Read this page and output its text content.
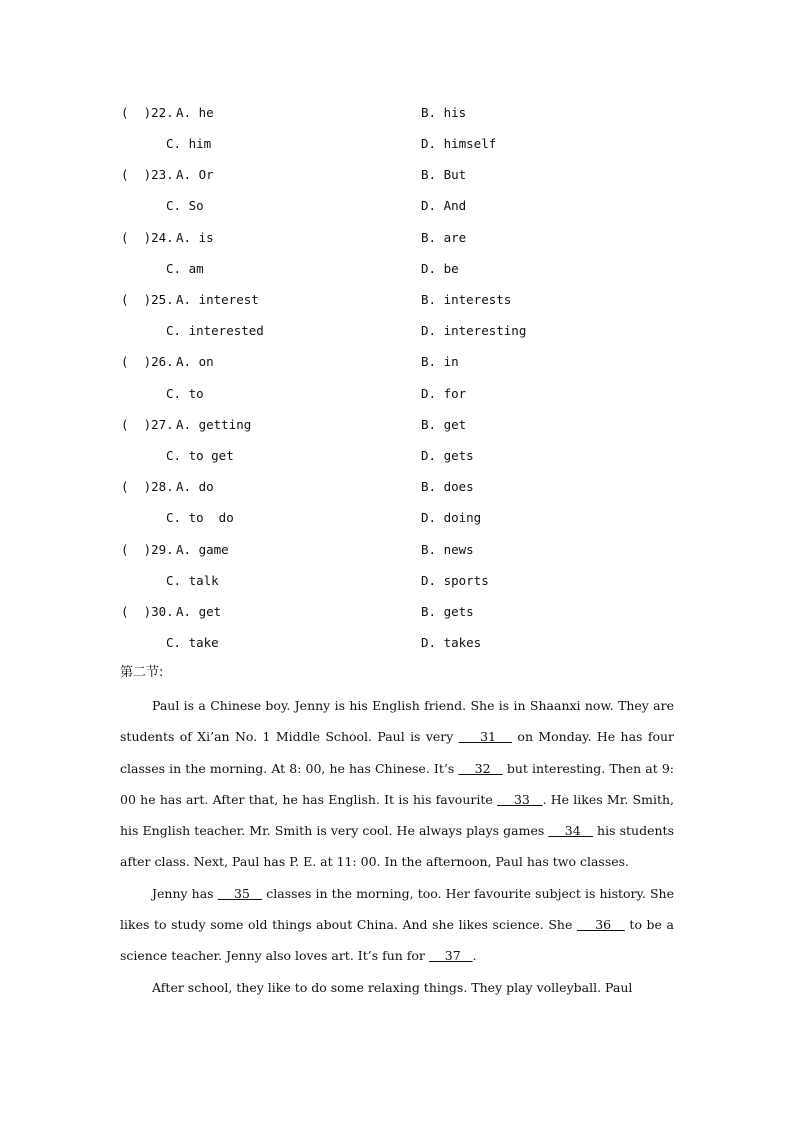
(  )22.

A. he

	B. his

C. him

	D. himself

(  )23.

A. Or

	B. But

C. So

	D. And

(  )24.

A. is

	B. are

C. am

	D. be

(  )25.

A. interest

	B. interests

C. interested

	D. interesting

(  )26.

A. on

	B. in

C. to

	D. for

(  )27.

A. getting

	B. get

C. to get

	D. gets

(  )28.

A. do

	B. does

C. to  do

	D. doing

(  )29.

A. game

	B. news

C. talk

	D. sports

(  )30.

A. get

	B. gets

C. take

	D. takes

第二节:

Paul is a Chinese boy. Jenny is his English friend. She is in Shaanxi now. They are students of Xi’an No. 1 Middle School. Paul is very     31    on Monday. He has four classes in the morning. At 8: 00, he has Chinese. It’s     32    but interesting. Then at 9: 00 he has art. After that, he has English. It is his favourite     33   . He likes Mr. Smith, his English teacher. Mr. Smith is very cool. He always plays games     34    his students after class. Next, Paul has P. E. at 11: 00. In the afternoon, Paul has two classes.

Jenny has     35    classes in the morning, too. Her favourite subject is history. She likes to study some old things about China. And she likes science. She     36    to be a science teacher. Jenny also loves art. It’s fun for     37   .

After school, they like to do some relaxing things. They play volleyball. Paul
